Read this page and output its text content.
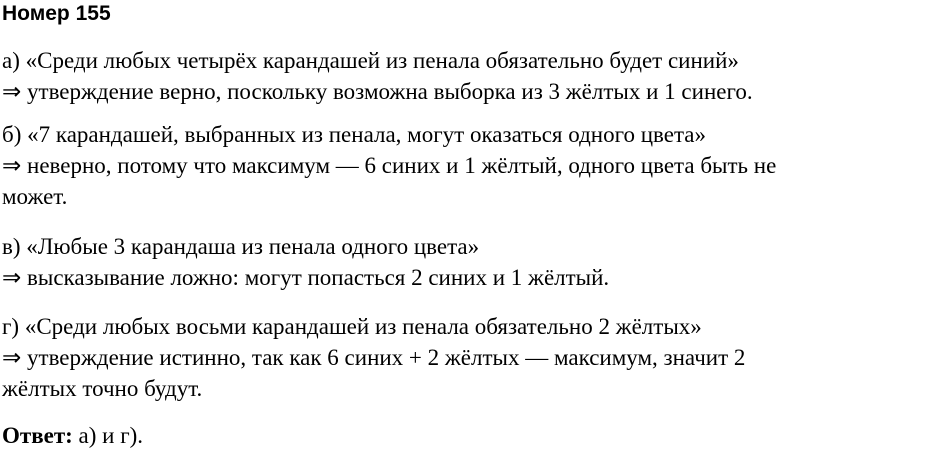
Номер 155
а) «Среди любых четырёх карандашей из пенала обязательно будет синий»
⇒ утверждение верно, поскольку возможна выборка из 3 жёлтых и 1 синего.
б) «7 карандашей, выбранных из пенала, могут оказаться одного цвета»
⇒ неверно, потому что максимум — 6 синих и 1 жёлтый, одного цвета быть не
может.
в) «Любые 3 карандаша из пенала одного цвета»
⇒ высказывание ложно: могут попасться 2 синих и 1 жёлтый.
г) «Среди любых восьми карандашей из пенала обязательно 2 жёлтых»
⇒ утверждение истинно, так как 6 синих + 2 жёлтых — максимум, значит 2
жёлтых точно будут.
Ответ: а) и г).
